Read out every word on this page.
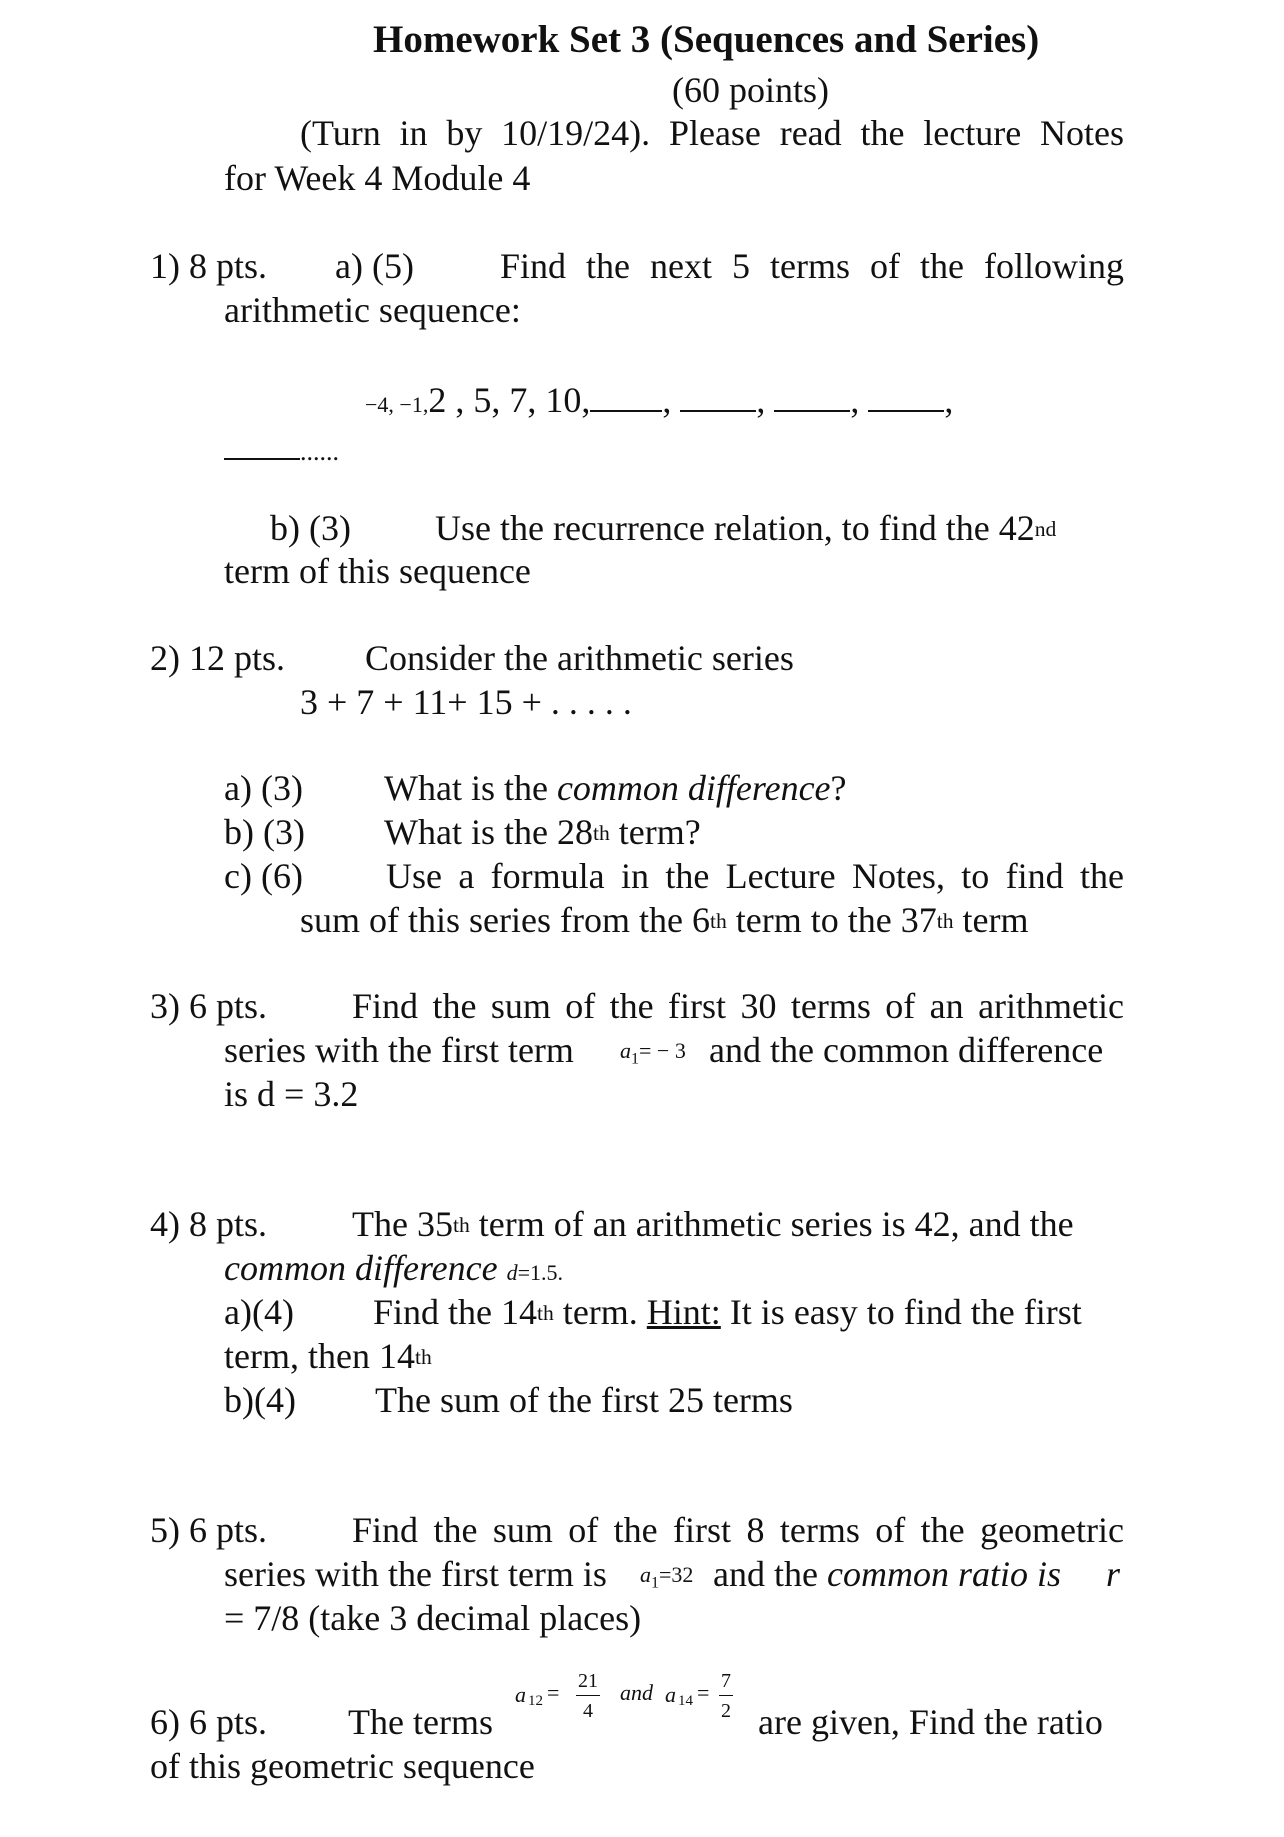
Homework Set 3 (Sequences and Series)
(60 points)
(Turn in by 10/19/24). Please read the lecture Notes
for Week 4 Module 4
1) 8 pts. a) (5) Find the next 5 terms of the following
arithmetic sequence:
−4, −1,2 , 5, 7, 10, , , , ,
......
b) (3) Use the recurrence relation, to find the 42nd
term of this sequence
2) 12 pts. Consider the arithmetic series
3 + 7 + 11+ 15 + . . . . .
a) (3) What is the common difference?
b) (3) What is the 28th term?
c) (6) Use a formula in the Lecture Notes, to find the
sum of this series from the 6th term to the 37th term
3) 6 pts. Find the sum of the first 30 terms of an arithmetic
series with the first term $a_1= - 3$ and the common difference
is d = 3.2
4) 8 pts. The 35th term of an arithmetic series is 42, and the
common difference d=1.5.
a)(4) Find the 14th term. Hint: It is easy to find the first
term, then 14th
b)(4) The sum of the first 25 terms
5) 6 pts. Find the sum of the first 8 terms of the geometric
series with the first term is $a_1=32$ and the common ratio is r
= 7/8 (take 3 decimal places)
6) 6 pts. The terms
a $12 = \frac{21}{4}$ and a $14 = \frac{7}{2}$ are given, Find the ratio
of this geometric sequence
